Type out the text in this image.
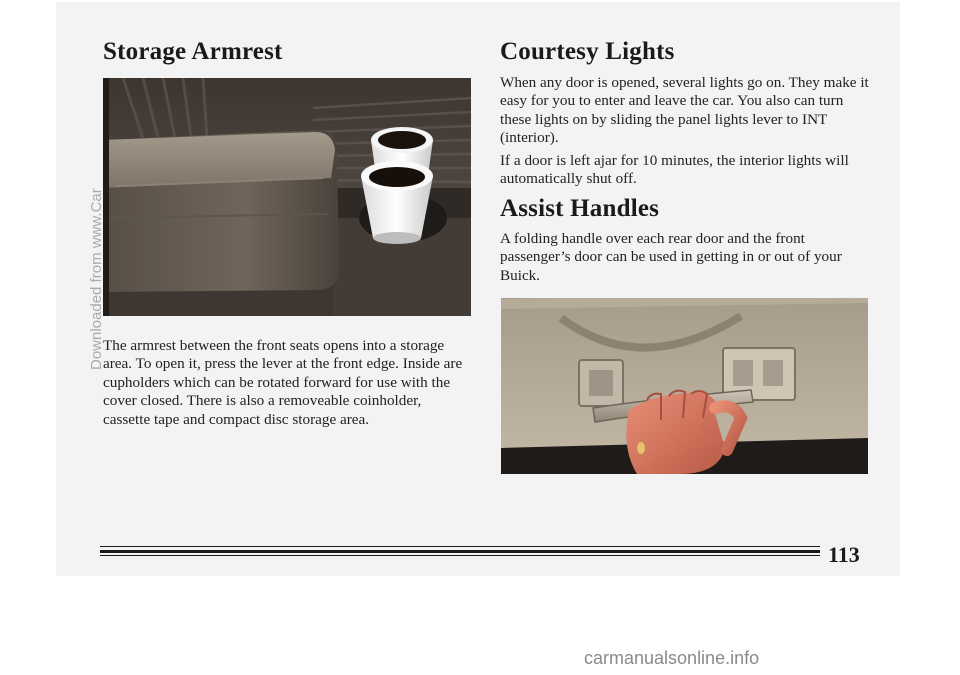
Storage Armrest

The armrest between the front seats opens into a storage area. To open it, press the lever at the front edge. Inside are cupholders which can be rotated forward for use with the cover closed. There is also a removeable coinholder, cassette tape and compact disc storage area.

Courtesy Lights

When any door is opened, several lights go on. They make it easy for you to enter and leave the car. You also can turn these lights on by sliding the panel lights lever to INT (interior).

If a door is left ajar for 10 minutes, the interior lights will automatically shut off.

Assist Handles

A folding handle over each rear door and the front passenger’s door can be used in getting in or out of your Buick.

113
Downloaded from www.Car
carmanualsonline.info
